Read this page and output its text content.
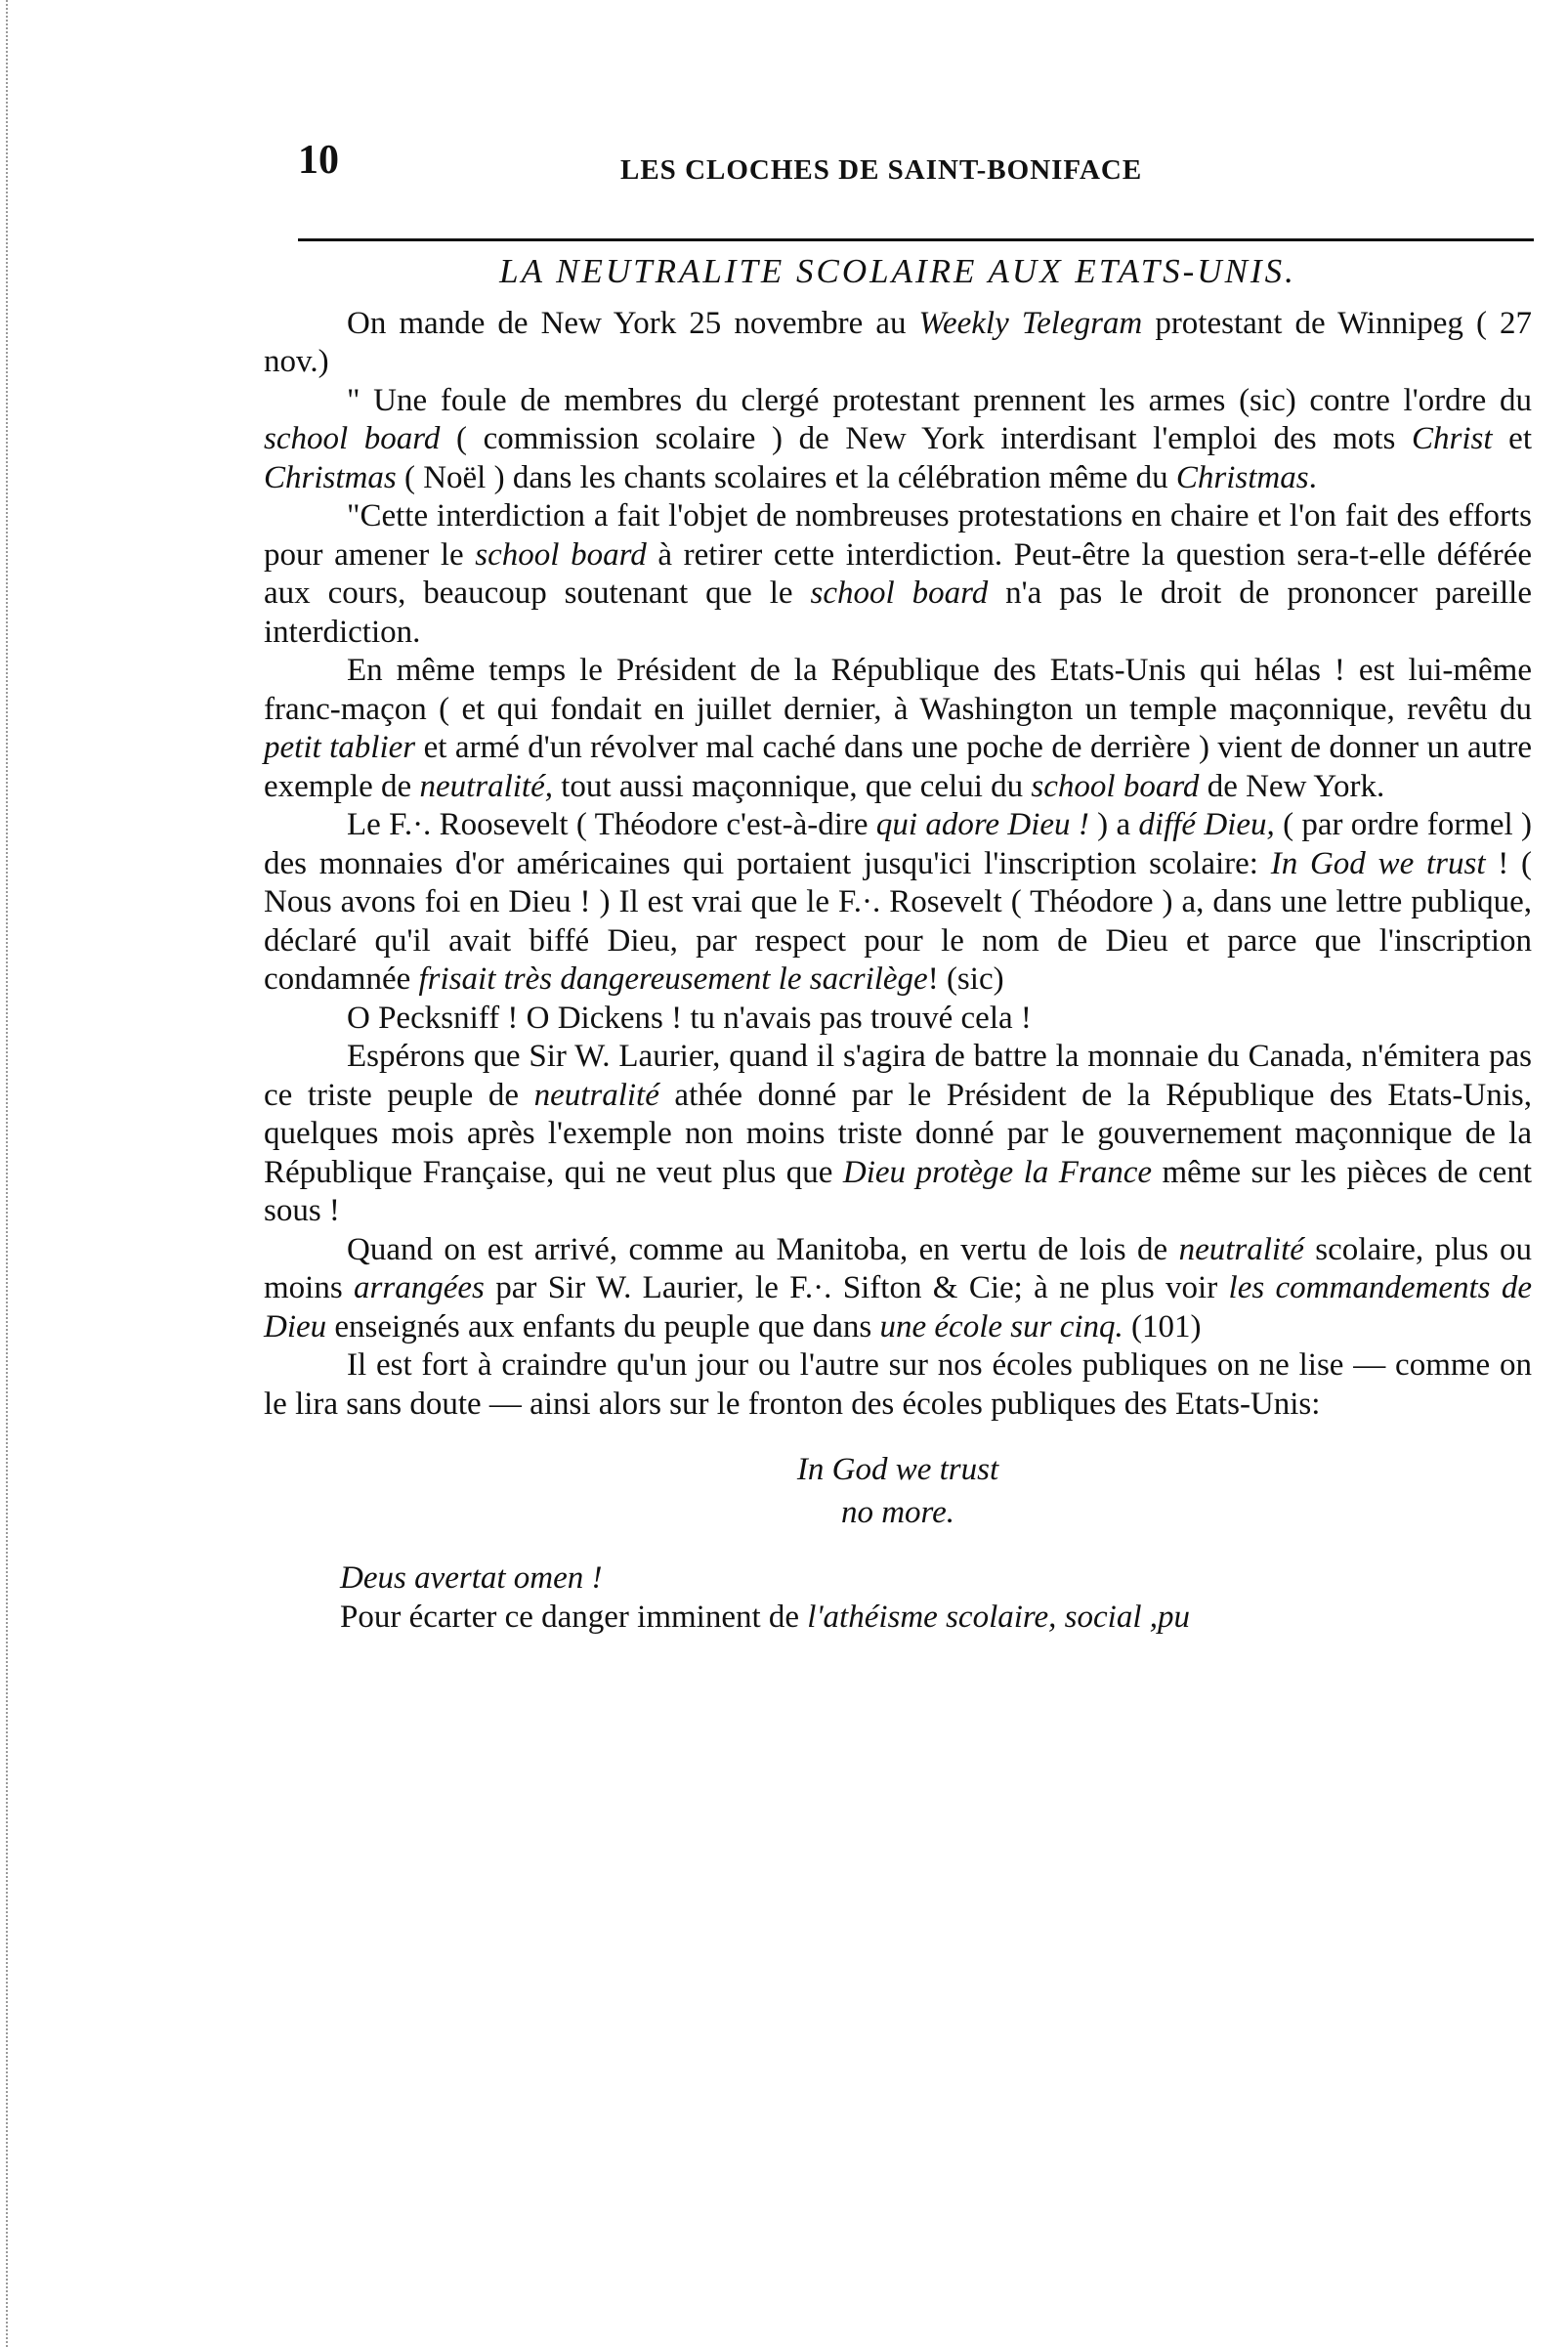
10	LES CLOCHES DE SAINT-BONIFACE
LA NEUTRALITE SCOLAIRE AUX ETATS-UNIS.

On mande de New York 25 novembre au Weekly Telegram protestant de Winnipeg ( 27 nov.)

" Une foule de membres du clergé protestant prennent les armes (sic) contre l'ordre du school board ( commission scolaire ) de New York interdisant l'emploi des mots Christ et Christmas ( Noël ) dans les chants scolaires et la célébration même du Christmas.

"Cette interdiction a fait l'objet de nombreuses protestations en chaire et l'on fait des efforts pour amener le school board à retirer cette interdiction. Peut-être la question sera-t-elle déférée aux cours, beaucoup soutenant que le school board n'a pas le droit de prononcer pareille interdiction.

En même temps le Président de la République des Etats-Unis qui hélas ! est lui-même franc-maçon ( et qui fondait en juillet dernier, à Washington un temple maçonnique, revêtu du petit tablier et armé d'un révolver mal caché dans une poche de derrière ) vient de donner un autre exemple de neutralité, tout aussi maçonnique, que celui du school board de New York.

Le F.·. Roosevelt ( Théodore c'est-à-dire qui adore Dieu ! ) a diffé Dieu, ( par ordre formel ) des monnaies d'or américaines qui portaient jusqu'ici l'inscription scolaire: In God we trust ! ( Nous avons foi en Dieu ! ) Il est vrai que le F.·. Rosevelt ( Théodore ) a, dans une lettre publique, déclaré qu'il avait biffé Dieu, par respect pour le nom de Dieu et parce que l'inscription condamnée frisait très dangereusement le sacrilège! (sic)

O Pecksniff ! O Dickens ! tu n'avais pas trouvé cela !

Espérons que Sir W. Laurier, quand il s'agira de battre la monnaie du Canada, n'émitera pas ce triste peuple de neutralité athée donné par le Président de la République des Etats-Unis, quelques mois après l'exemple non moins triste donné par le gouvernement maçonnique de la République Française, qui ne veut plus que Dieu protège la France même sur les pièces de cent sous !

Quand on est arrivé, comme au Manitoba, en vertu de lois de neutralité scolaire, plus ou moins arrangées par Sir W. Laurier, le F.·. Sifton & Cie; à ne plus voir les commandements de Dieu enseignés aux enfants du peuple que dans une école sur cinq. (101)

Il est fort à craindre qu'un jour ou l'autre sur nos écoles publiques on ne lise — comme on le lira sans doute — ainsi alors sur le fronton des écoles publiques des Etats-Unis:

In God we trust

no more.

Deus avertat omen !

Pour écarter ce danger imminent de l'athéisme scolaire, social ,pu
